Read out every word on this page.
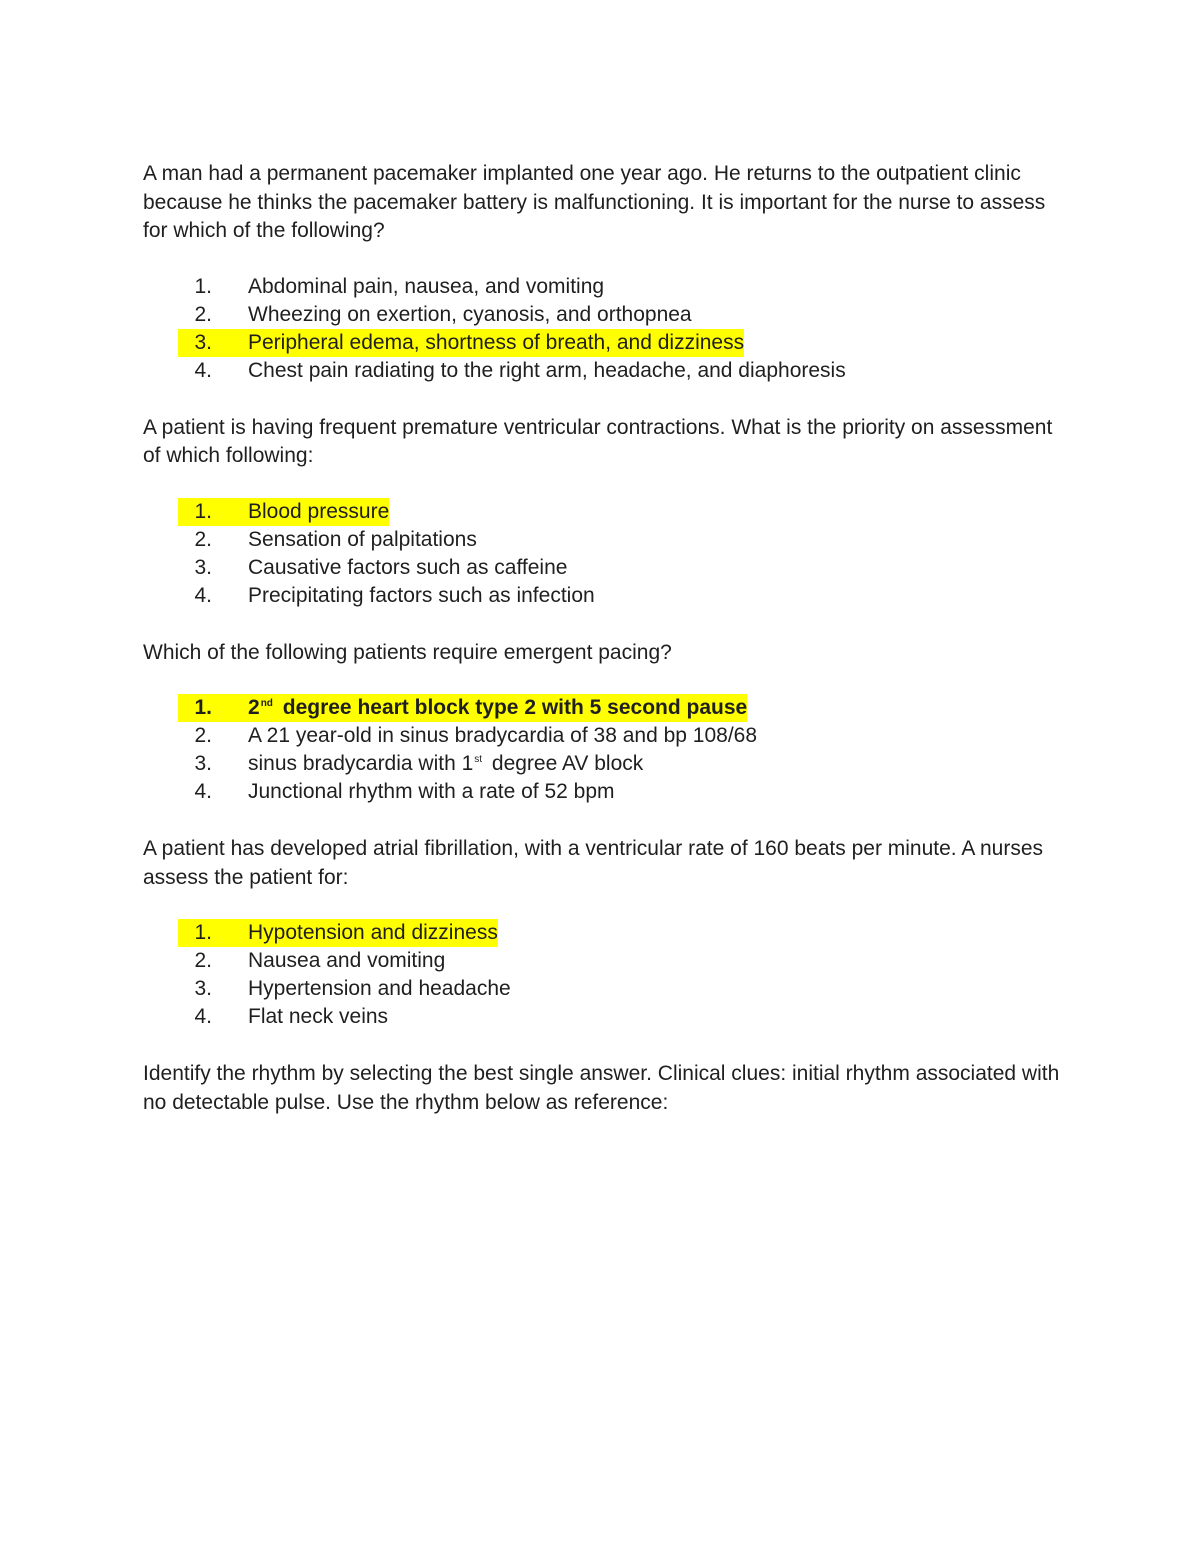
A man had a permanent pacemaker implanted one year ago. He returns to the outpatient clinic because he thinks the pacemaker battery is malfunctioning. It is important for the nurse to assess for which of the following?

1.	Abdominal pain, nausea, and vomiting
2.	Wheezing on exertion, cyanosis, and orthopnea
3.	Peripheral edema, shortness of breath, and dizziness
4.	Chest pain radiating to the right arm, headache, and diaphoresis

A patient is having frequent premature ventricular contractions. What is the priority on assessment of which following:

1.	Blood pressure
2.	Sensation of palpitations
3.	Causative factors such as caffeine
4.	Precipitating factors such as infection

Which of the following patients require emergent pacing?

1.	2nd degree heart block type 2 with 5 second pause
2.	A 21 year-old in sinus bradycardia of 38 and bp 108/68
3.	sinus bradycardia with 1st degree AV block
4.	Junctional rhythm with a rate of 52 bpm

A patient has developed atrial fibrillation, with a ventricular rate of 160 beats per minute. A nurses assess the patient for:

1.	Hypotension and dizziness
2.	Nausea and vomiting
3.	Hypertension and headache
4.	Flat neck veins

Identify the rhythm by selecting the best single answer. Clinical clues: initial rhythm associated with no detectable pulse. Use the rhythm below as reference:
